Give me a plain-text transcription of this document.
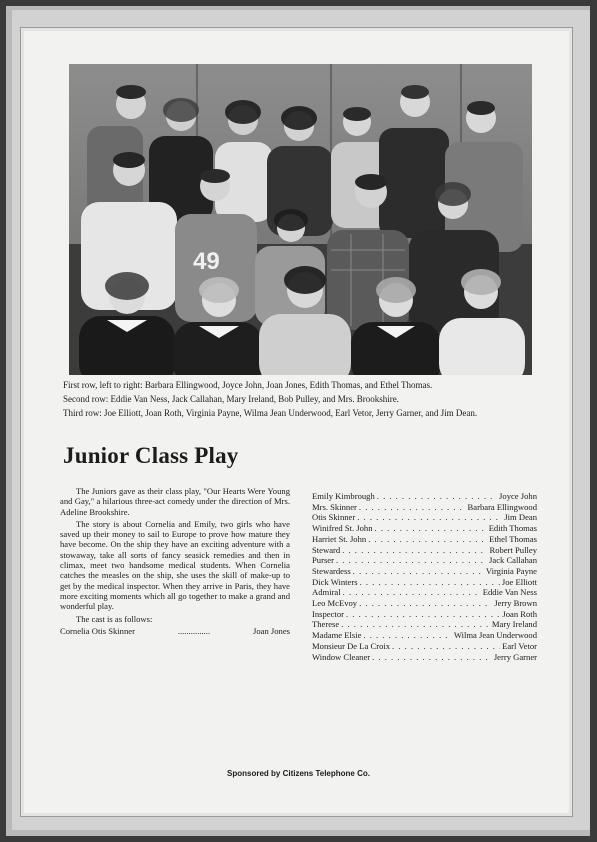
49
First row, left to right: Barbara Ellingwood, Joyce John, Joan Jones, Edith Thomas, and Ethel Thomas.
Second row: Eddie Van Ness, Jack Callahan, Mary Ireland, Bob Pulley, and Mrs. Brookshire.
Third row: Joe Elliott, Joan Roth, Virginia Payne, Wilma Jean Underwood, Earl Vetor, Jerry Garner, and Jim Dean.
Junior Class Play

The Juniors gave as their class play, "Our Hearts Were Young and Gay," a hilarious three-act comedy under the direction of Mrs. Adeline Brookshire.

The story is about Cornelia and Emily, two girls who have saved up their money to sail to Europe to prove how mature they have become. On the ship they have an exciting adventure with a stowaway, take all sorts of fancy seasick remedies and then in climax, meet two handsome medical students. When Cornelia catches the measles on the ship, she uses the skill of make-up to get by the medical inspector. When they arrive in Paris, they have more exciting moments which all go together to make a grand and wonderful play.

The cast is as follows:

Cornelia Otis Skinner	...............	Joan Jones

Emily Kimbrough . . .	Joyce John
Mrs. Skinner . . .	Barbara Ellingwood
Otis Skinner . . .	Jim Dean
Winifred St. John . . .	Edith Thomas
Harriet St. John . . .	Ethel Thomas
Steward . . .	Robert Pulley
Purser . . .	Jack Callahan
Stewardess . . .	Virginia Payne
Dick Winters . . .	Joe Elliott
Admiral . . .	Eddie Van Ness
Leo McEvoy . . .	Jerry Brown
Inspector . . .	Joan Roth
Therese . . .	Mary Ireland
Madame Elsie . . .	Wilma Jean Underwood
Monsieur De La Croix . . .	Earl Vetor
Window Cleaner . . .	Jerry Garner
Sponsored by Citizens Telephone Co.
